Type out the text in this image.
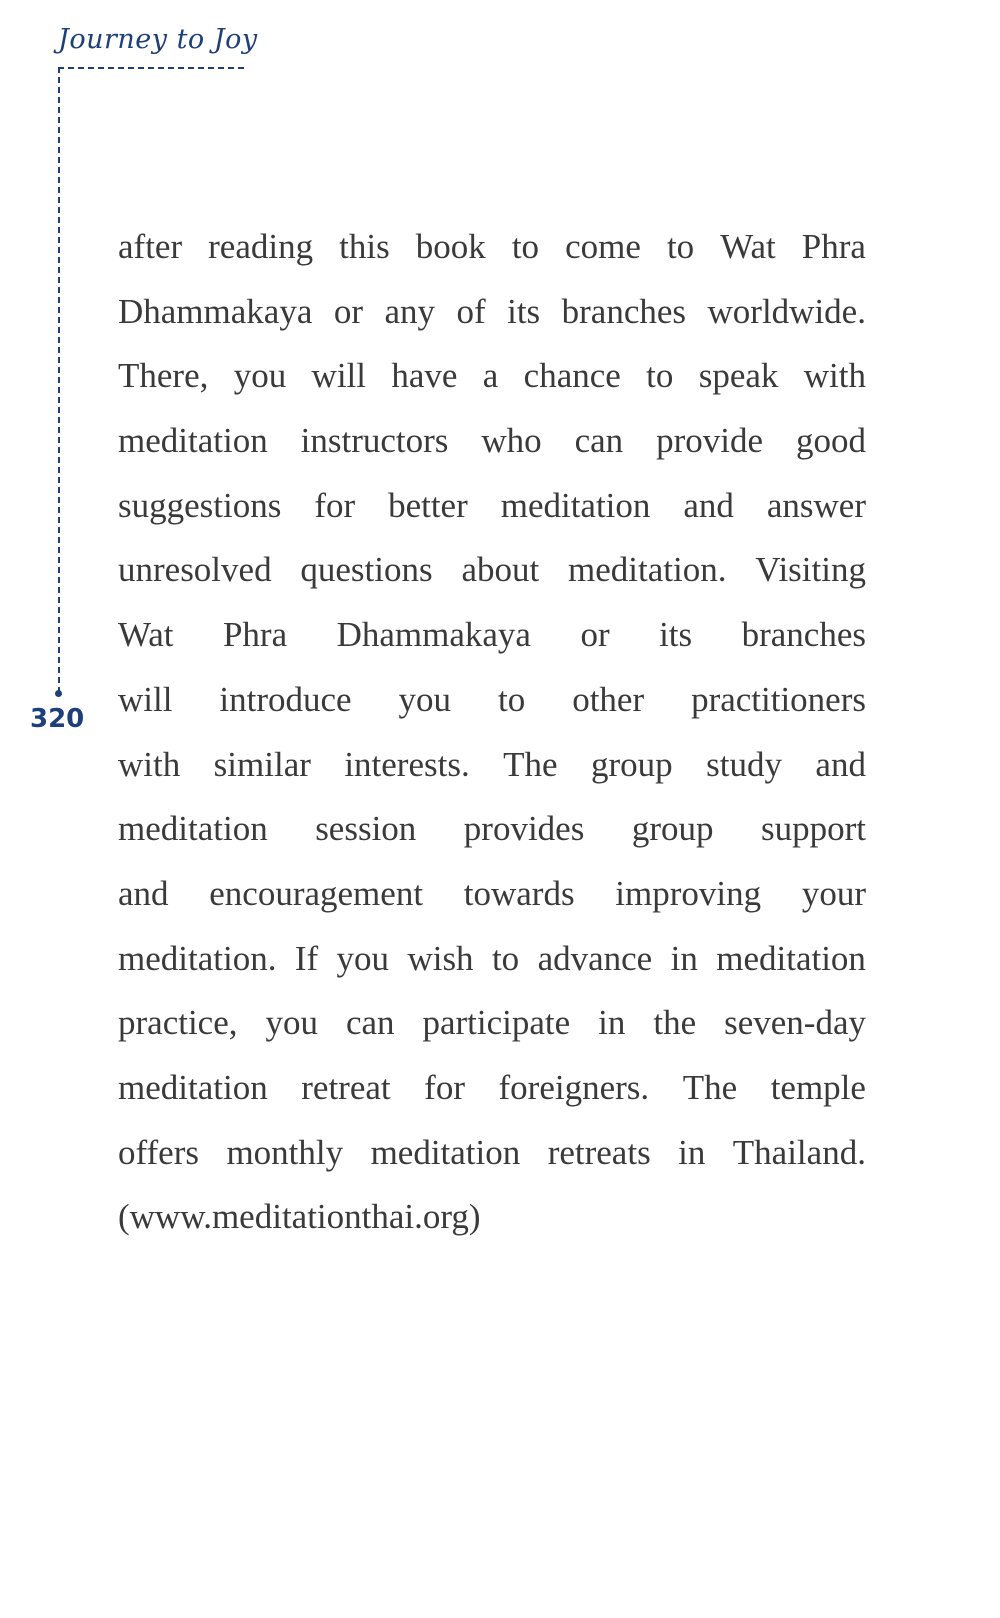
Journey to Joy
320
after reading this book to come to Wat Phra
Dhammakaya or any of its branches worldwide.
There, you will have a chance to speak with
meditation instructors who can provide good
suggestions for better meditation and answer
unresolved questions about meditation. Visiting
Wat Phra Dhammakaya or its branches
will introduce you to other practitioners
with similar interests. The group study and
meditation session provides group support
and encouragement towards improving your
meditation. If you wish to advance in meditation
practice, you can participate in the seven-day
meditation retreat for foreigners. The temple
offers monthly meditation retreats in Thailand.
(www.meditationthai.org)
